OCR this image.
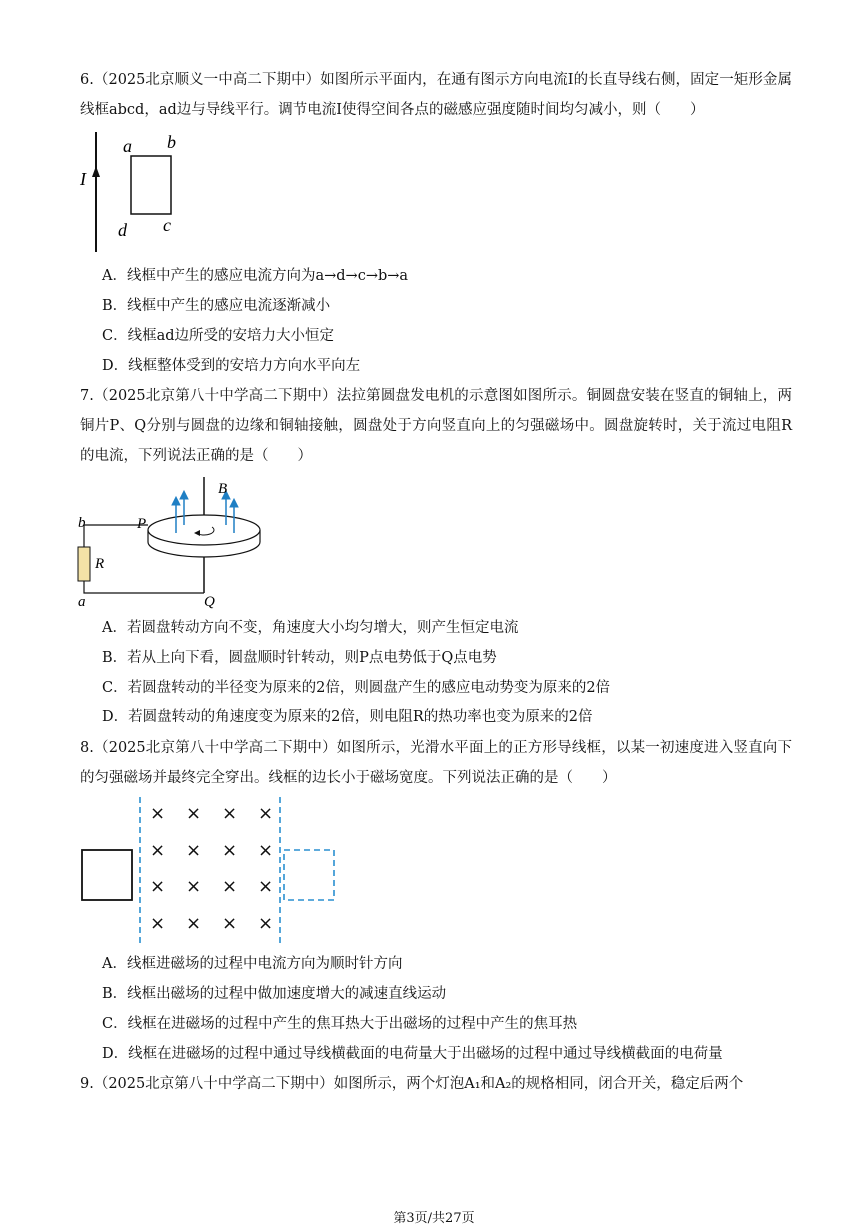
6.（2025北京顺义一中高二下期中）如图所示平面内，在通有图示方向电流I的长直导线右侧，固定一矩形金属线框abcd，ad边与导线平行。调节电流I使得空间各点的磁感应强度随时间均匀减小，则（　　）
I
a b
c
d
A．线框中产生的感应电流方向为a→d→c→b→a
B．线框中产生的感应电流逐渐减小
C．线框ad边所受的安培力大小恒定
D．线框整体受到的安培力方向水平向左
7.（2025北京第八十中学高二下期中）法拉第圆盘发电机的示意图如图所示。铜圆盘安装在竖直的铜轴上，两铜片P、Q分别与圆盘的边缘和铜轴接触，圆盘处于方向竖直向上的匀强磁场中。圆盘旋转时，关于流过电阻R的电流，下列说法正确的是（　　）
B
b
a
R
P
Q
A．若圆盘转动方向不变，角速度大小均匀增大，则产生恒定电流
B．若从上向下看，圆盘顺时针转动，则P点电势低于Q点电势
C．若圆盘转动的半径变为原来的2倍，则圆盘产生的感应电动势变为原来的2倍
D．若圆盘转动的角速度变为原来的2倍，则电阻R的热功率也变为原来的2倍
8.（2025北京第八十中学高二下期中）如图所示，光滑水平面上的正方形导线框，以某一初速度进入竖直向下的匀强磁场并最终完全穿出。线框的边长小于磁场宽度。下列说法正确的是（　　）
× × × ×
× × × ×
× × × ×
× × × ×
A．线框进磁场的过程中电流方向为顺时针方向
B．线框出磁场的过程中做加速度增大的减速直线运动
C．线框在进磁场的过程中产生的焦耳热大于出磁场的过程中产生的焦耳热
D．线框在进磁场的过程中通过导线横截面的电荷量大于出磁场的过程中通过导线横截面的电荷量
9.（2025北京第八十中学高二下期中）如图所示，两个灯泡A₁和A₂的规格相同，闭合开关，稳定后两个
第3页/共27页
